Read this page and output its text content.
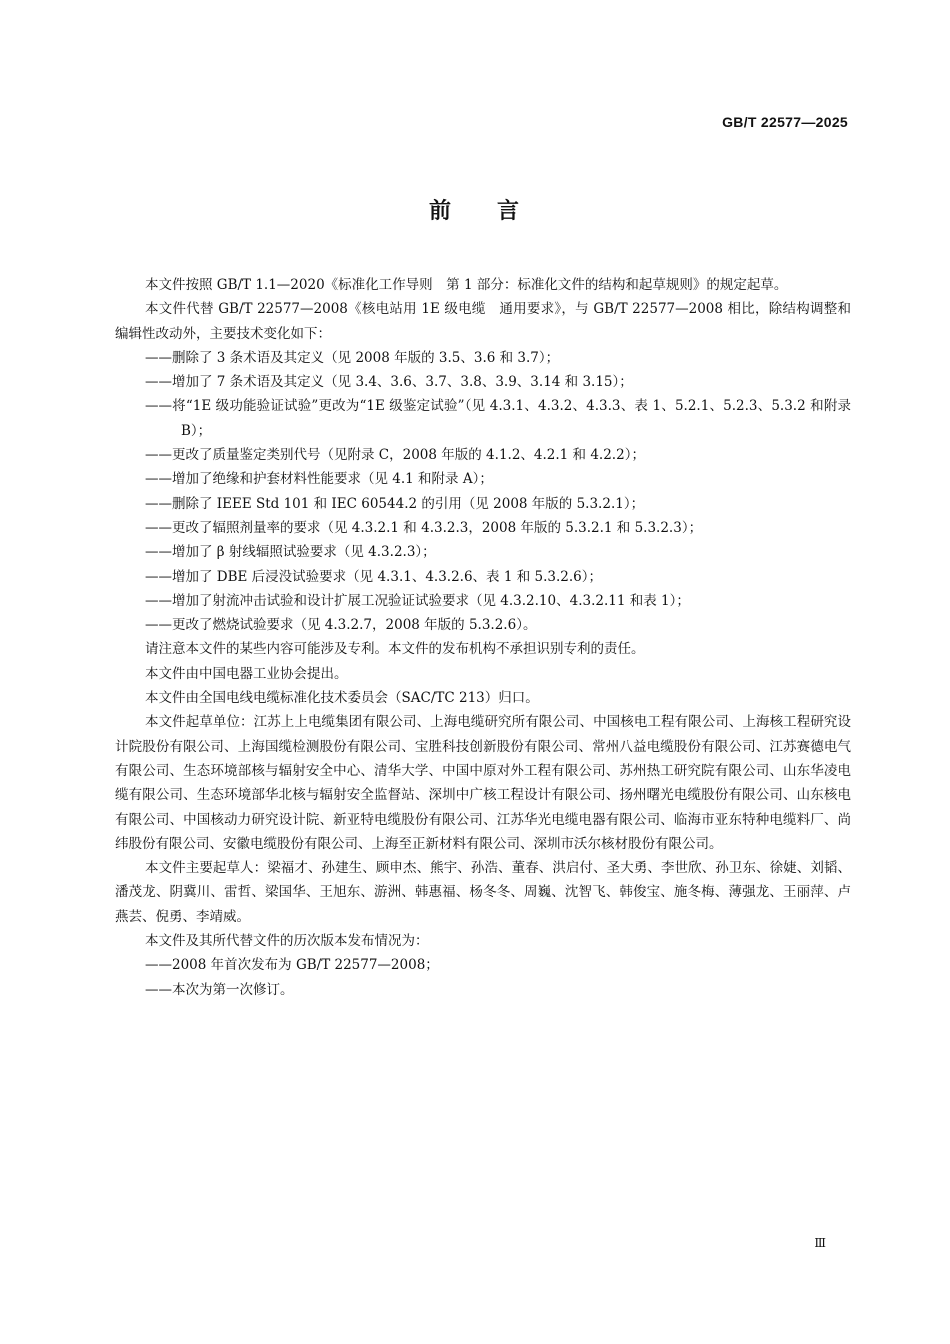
GB/T 22577—2025
前 言

本文件按照 GB/T 1.1—2020《标准化工作导则　第 1 部分：标准化文件的结构和起草规则》的规定起草。

本文件代替 GB/T 22577—2008《核电站用 1E 级电缆　通用要求》，与 GB/T 22577—2008 相比，除结构调整和编辑性改动外，主要技术变化如下：

——删除了 3 条术语及其定义（见 2008 年版的 3.5、3.6 和 3.7）；

——增加了 7 条术语及其定义（见 3.4、3.6、3.7、3.8、3.9、3.14 和 3.15）；

——将“1E 级功能验证试验”更改为“1E 级鉴定试验”（见 4.3.1、4.3.2、4.3.3、表 1、5.2.1、5.2.3、5.3.2 和附录 B）；

——更改了质量鉴定类别代号（见附录 C，2008 年版的 4.1.2、4.2.1 和 4.2.2）；

——增加了绝缘和护套材料性能要求（见 4.1 和附录 A）；

——删除了 IEEE Std 101 和 IEC 60544.2 的引用（见 2008 年版的 5.3.2.1）；

——更改了辐照剂量率的要求（见 4.3.2.1 和 4.3.2.3，2008 年版的 5.3.2.1 和 5.3.2.3）；

——增加了 β 射线辐照试验要求（见 4.3.2.3）；

——增加了 DBE 后浸没试验要求（见 4.3.1、4.3.2.6、表 1 和 5.3.2.6）；

——增加了射流冲击试验和设计扩展工况验证试验要求（见 4.3.2.10、4.3.2.11 和表 1）；

——更改了燃烧试验要求（见 4.3.2.7，2008 年版的 5.3.2.6）。

请注意本文件的某些内容可能涉及专利。本文件的发布机构不承担识别专利的责任。

本文件由中国电器工业协会提出。

本文件由全国电线电缆标准化技术委员会（SAC/TC 213）归口。

本文件起草单位：江苏上上电缆集团有限公司、上海电缆研究所有限公司、中国核电工程有限公司、上海核工程研究设计院股份有限公司、上海国缆检测股份有限公司、宝胜科技创新股份有限公司、常州八益电缆股份有限公司、江苏赛德电气有限公司、生态环境部核与辐射安全中心、清华大学、中国中原对外工程有限公司、苏州热工研究院有限公司、山东华凌电缆有限公司、生态环境部华北核与辐射安全监督站、深圳中广核工程设计有限公司、扬州曙光电缆股份有限公司、山东核电有限公司、中国核动力研究设计院、新亚特电缆股份有限公司、江苏华光电缆电器有限公司、临海市亚东特种电缆料厂、尚纬股份有限公司、安徽电缆股份有限公司、上海至正新材料有限公司、深圳市沃尔核材股份有限公司。

本文件主要起草人：梁福才、孙建生、顾申杰、熊宇、孙浩、董春、洪启付、圣大勇、李世欣、孙卫东、徐婕、刘韬、潘茂龙、阴冀川、雷哲、梁国华、王旭东、游洲、韩惠福、杨冬冬、周巍、沈智飞、韩俊宝、施冬梅、薄强龙、王丽萍、卢燕芸、倪勇、李靖威。

本文件及其所代替文件的历次版本发布情况为：

——2008 年首次发布为 GB/T 22577—2008；

——本次为第一次修订。

Ⅲ
